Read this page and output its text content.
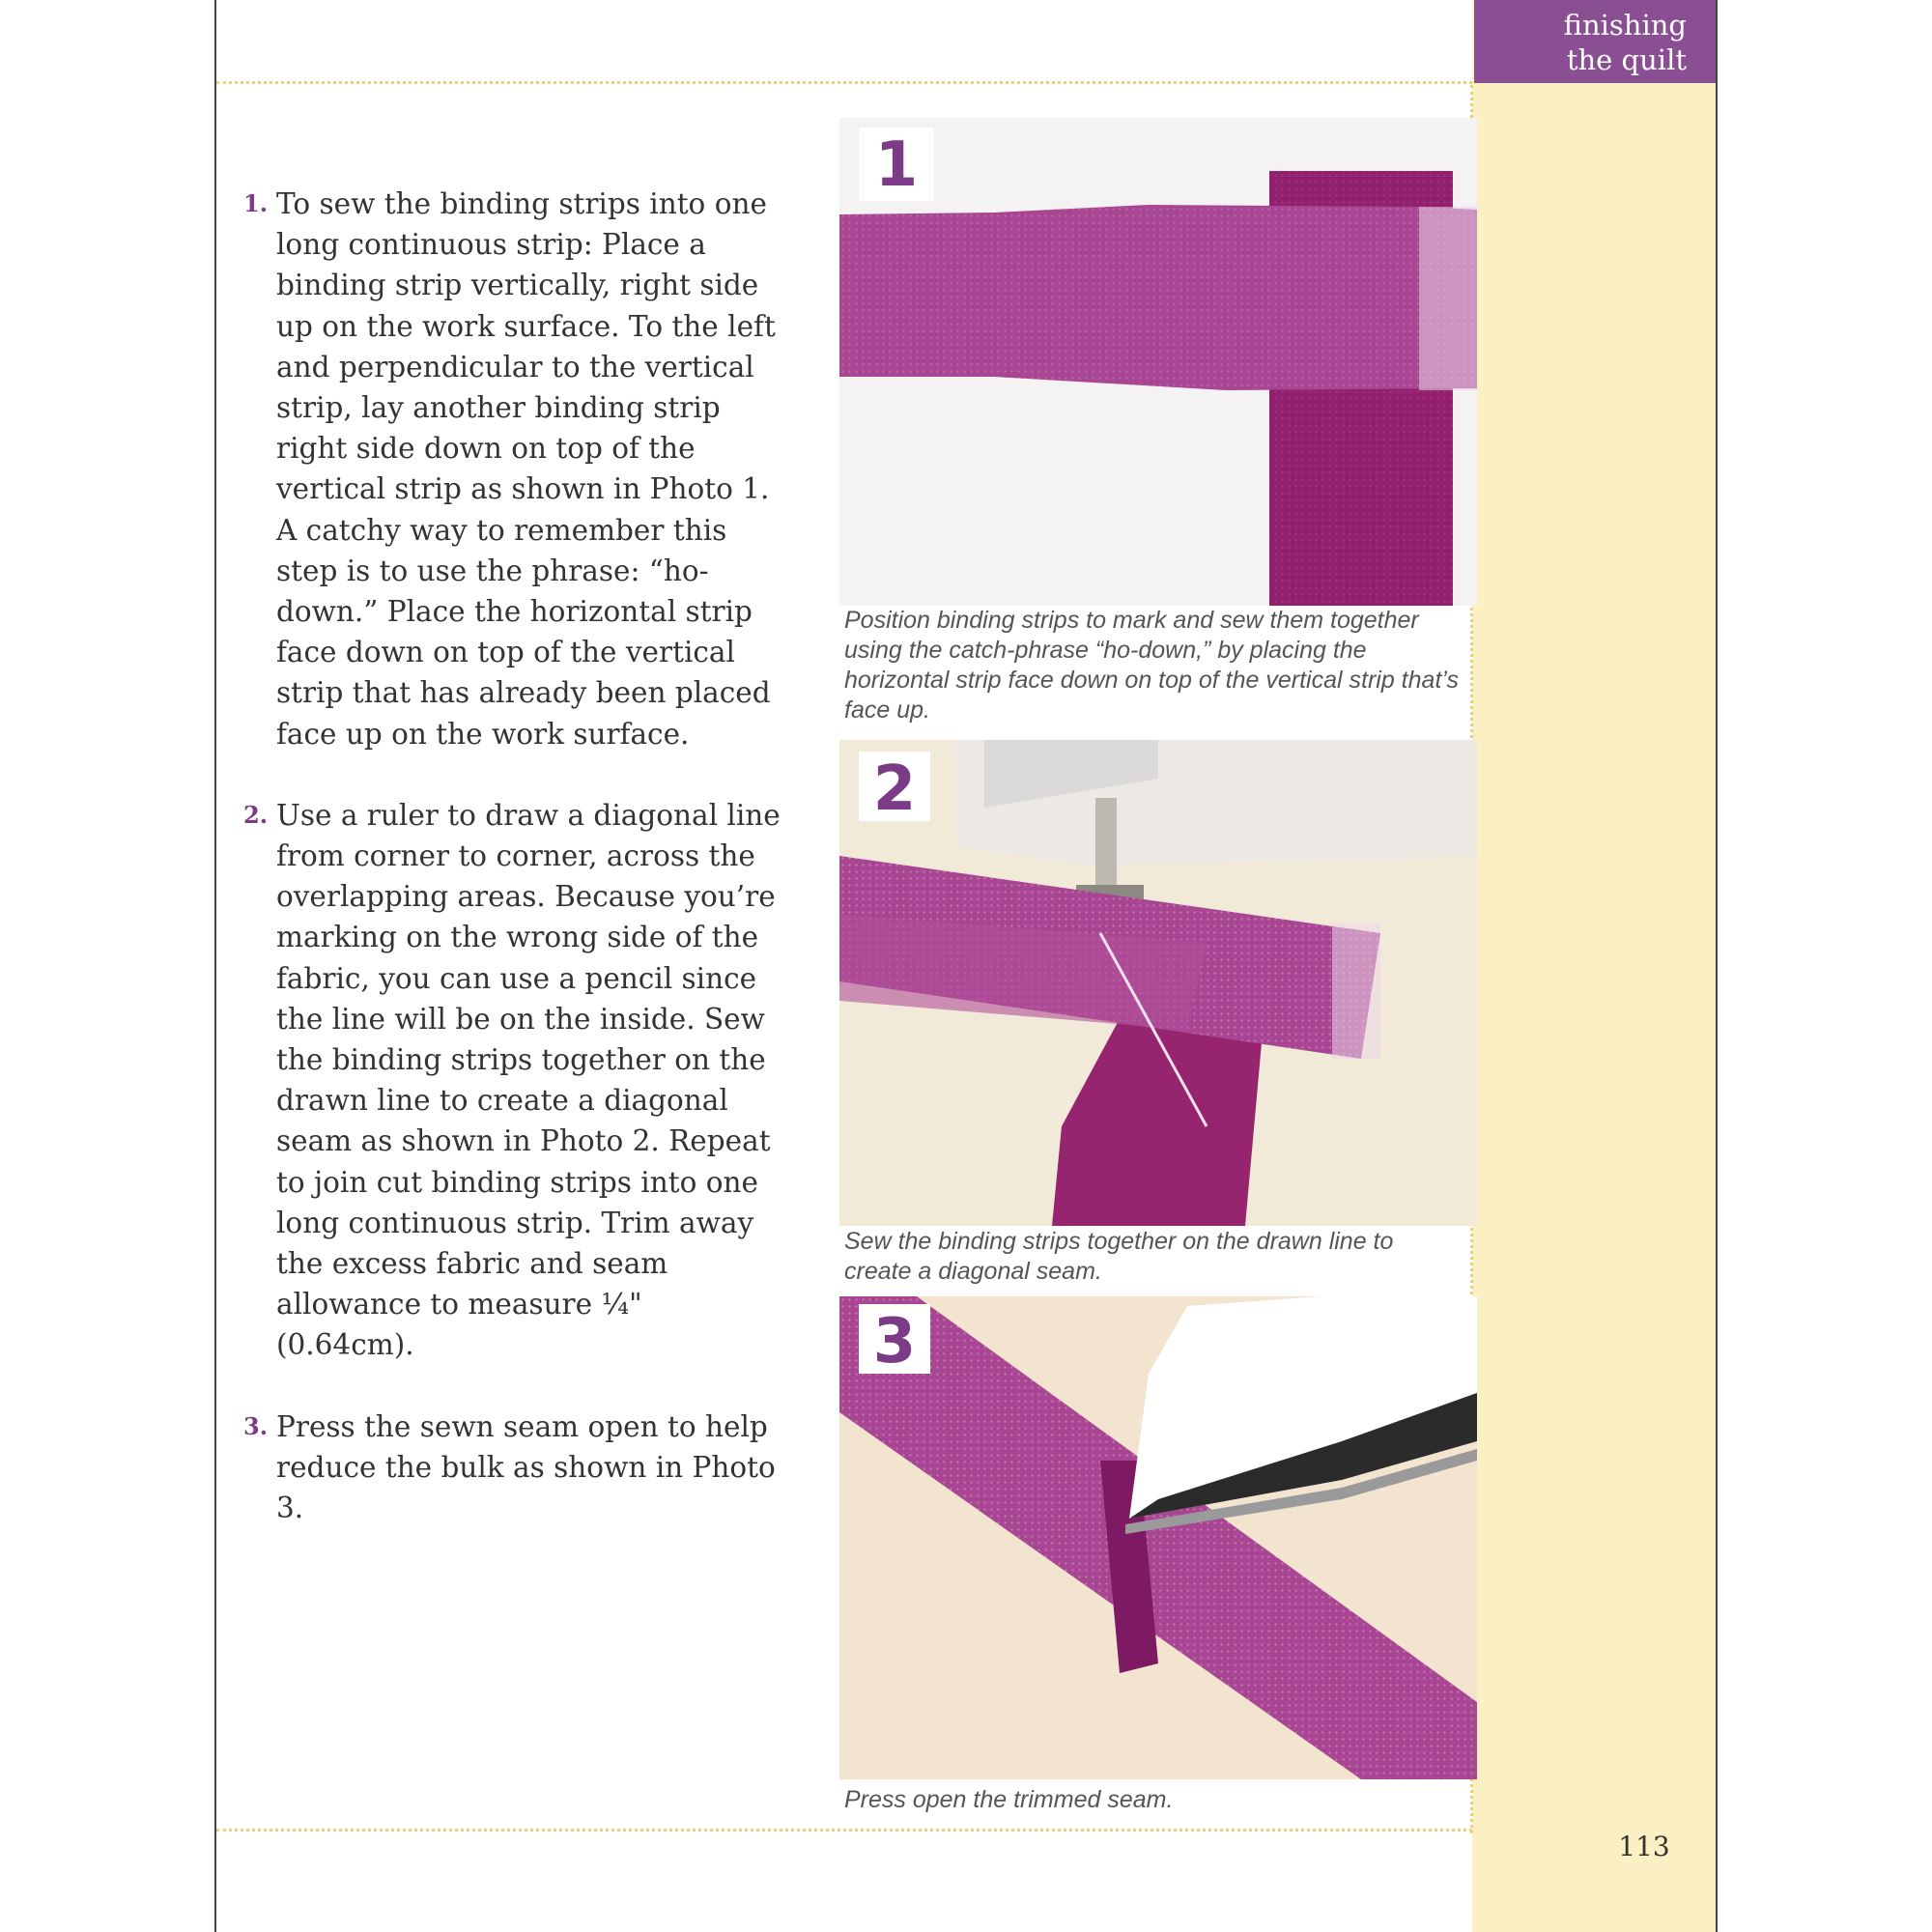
finishing
the quilt
1. To sew the binding strips into one long continuous strip: Place a binding strip vertically, right side up on the work surface. To the left and perpendicular to the vertical strip, lay another binding strip right side down on top of the vertical strip as shown in Photo 1. A catchy way to remember this step is to use the phrase: “ho-down.” Place the horizontal strip face down on top of the vertical strip that has already been placed face up on the work surface.
2. Use a ruler to draw a diagonal line from corner to corner, across the overlapping areas. Because you’re marking on the wrong side of the fabric, you can use a pencil since the line will be on the inside. Sew the binding strips together on the drawn line to create a diagonal seam as shown in Photo 2. Repeat to join cut binding strips into one long continuous strip. Trim away the excess fabric and seam allowance to measure ¼" (0.64cm).
3. Press the sewn seam open to help reduce the bulk as shown in Photo 3.
1
Position binding strips to mark and sew them together using the catch-phrase “ho-down,” by placing the horizontal strip face down on top of the vertical strip that’s face up.
2
Sew the binding strips together on the drawn line to create a diagonal seam.
3
Press open the trimmed seam.
113
